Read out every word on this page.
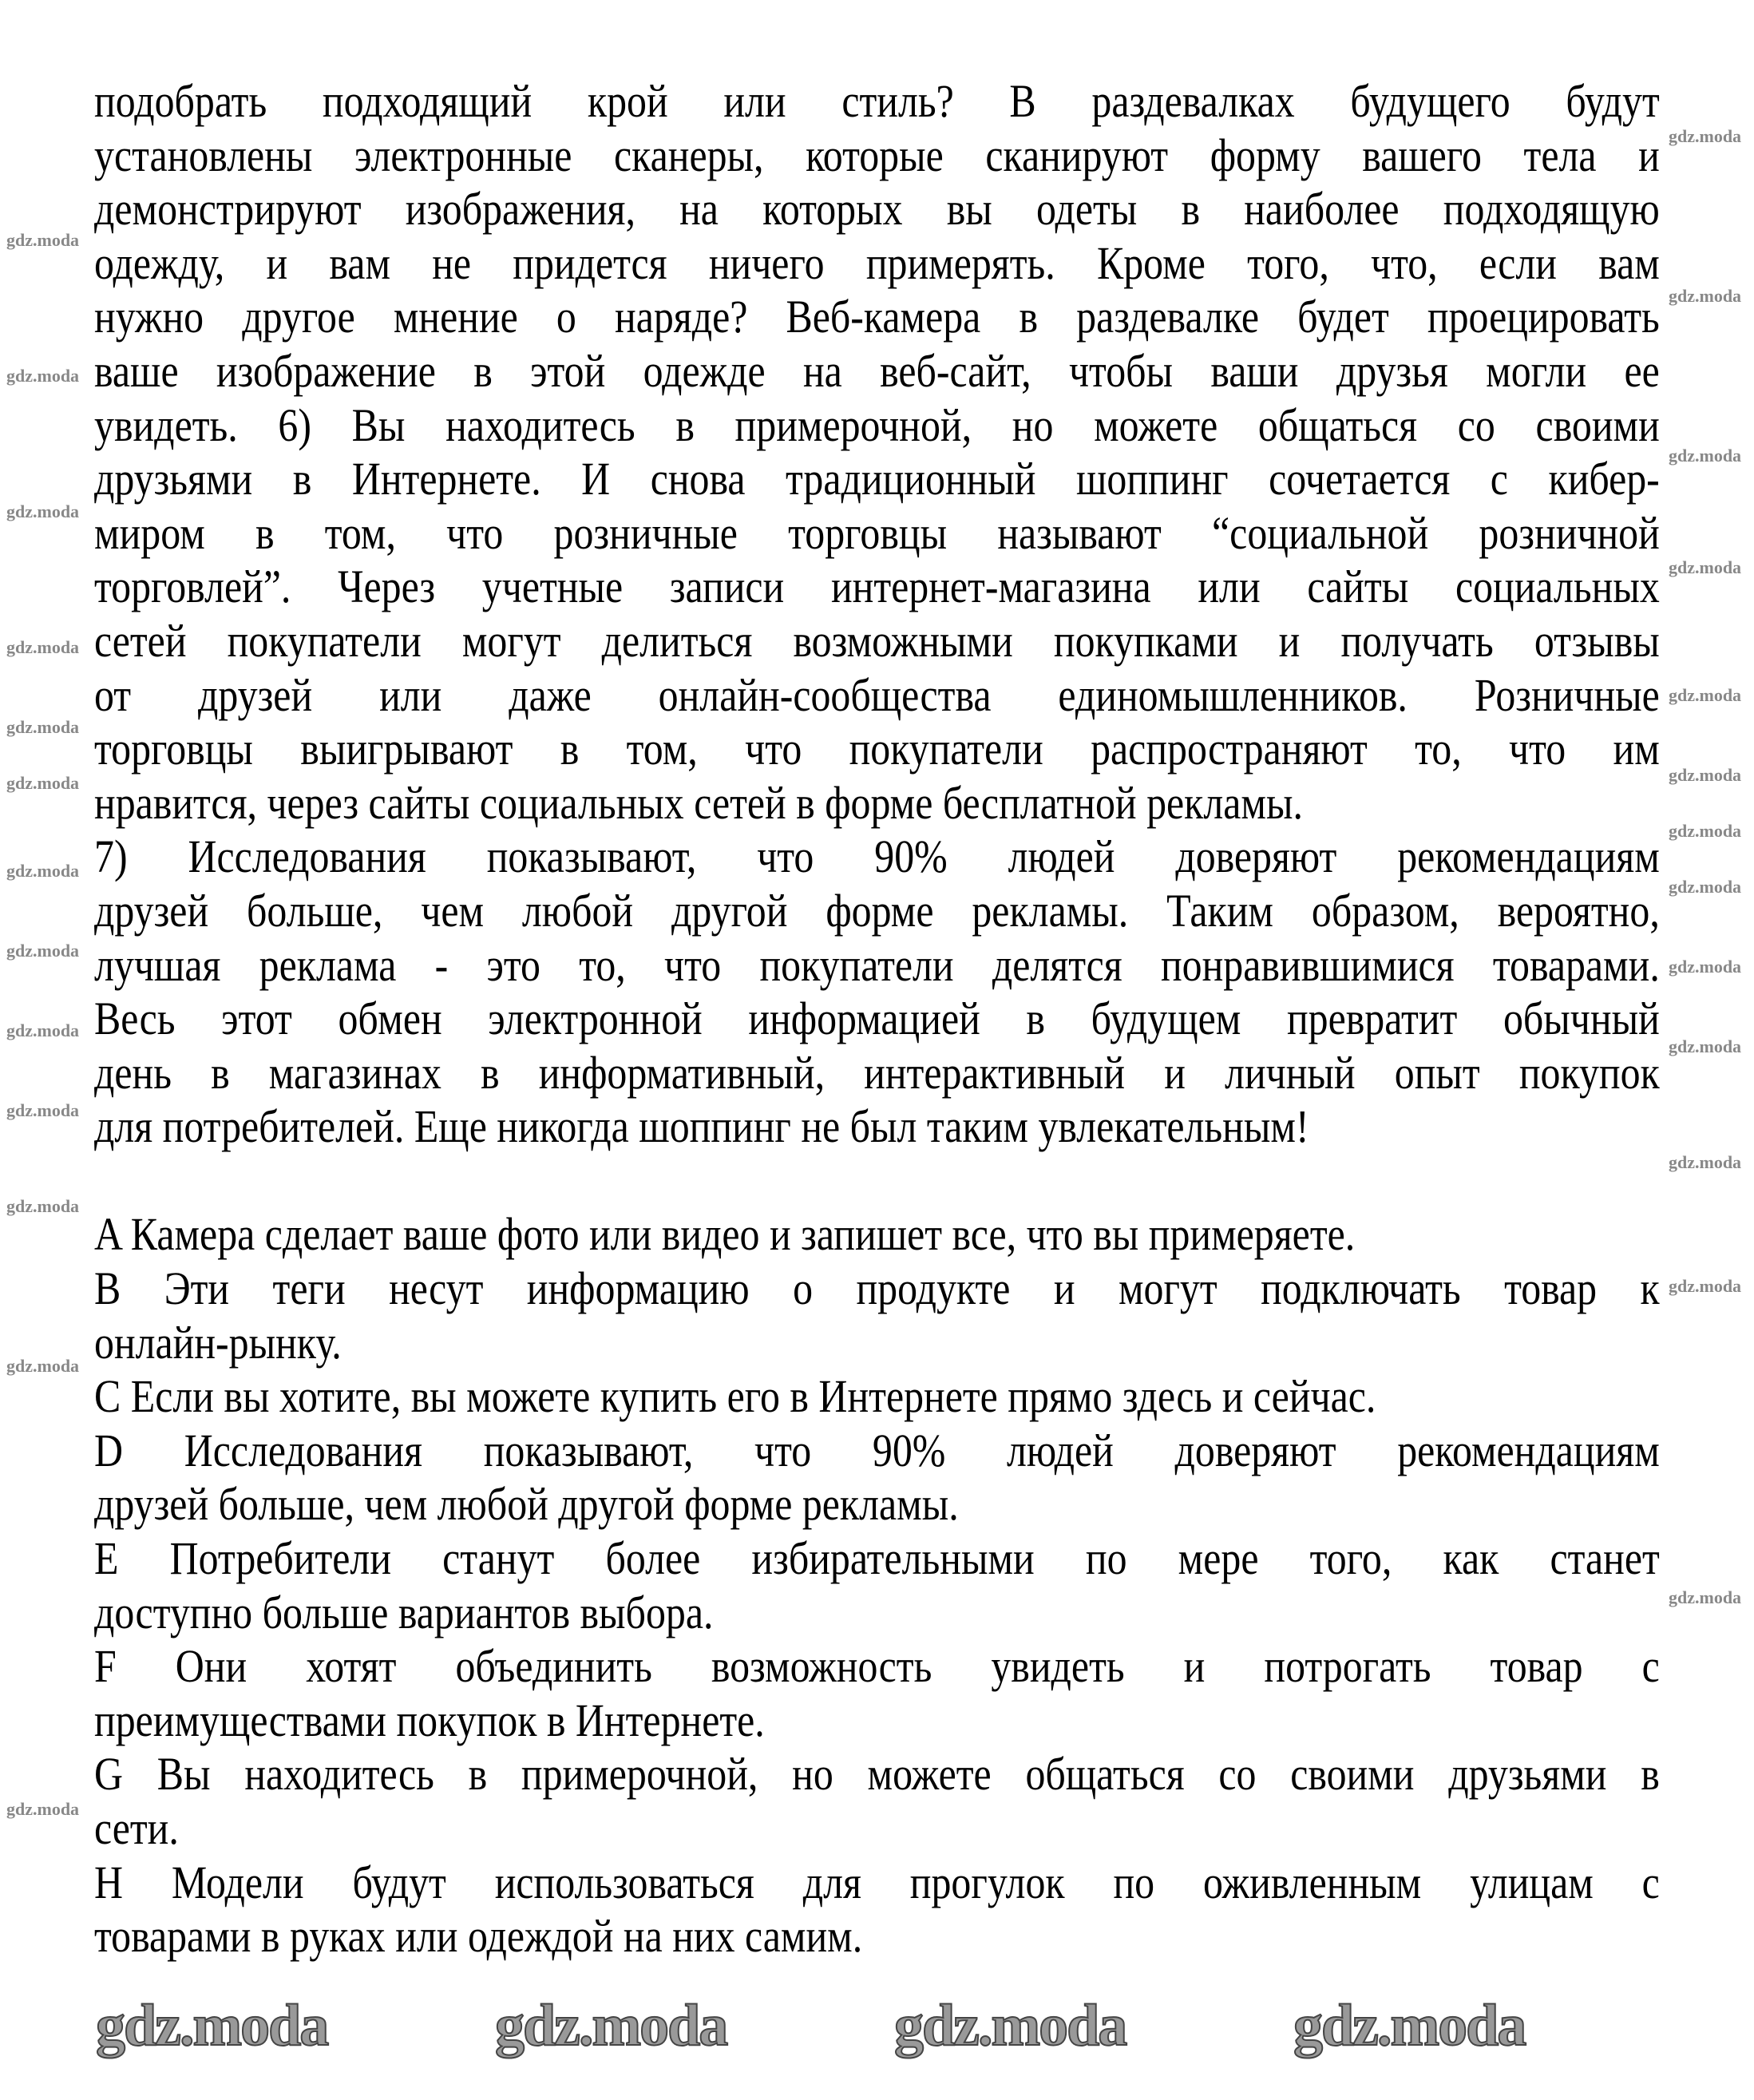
подобрать подходящий крой или стиль? В раздевалках будущего будут
установлены электронные сканеры, которые сканируют форму вашего тела и
демонстрируют изображения, на которых вы одеты в наиболее подходящую
одежду, и вам не придется ничего примерять. Кроме того, что, если вам
нужно другое мнение о наряде? Веб-камера в раздевалке будет проецировать
ваше изображение в этой одежде на веб-сайт, чтобы ваши друзья могли ее
увидеть. 6) Вы находитесь в примерочной, но можете общаться со своими
друзьями в Интернете. И снова традиционный шоппинг сочетается с кибер-
миром в том, что розничные торговцы называют “социальной розничной
торговлей”. Через учетные записи интернет-магазина или сайты социальных
сетей покупатели могут делиться возможными покупками и получать отзывы
от друзей или даже онлайн-сообщества единомышленников. Розничные
торговцы выигрывают в том, что покупатели распространяют то, что им
нравится, через сайты социальных сетей в форме бесплатной рекламы.
7) Исследования показывают, что 90% людей доверяют рекомендациям
друзей больше, чем любой другой форме рекламы. Таким образом, вероятно,
лучшая реклама - это то, что покупатели делятся понравившимися товарами.
Весь этот обмен электронной информацией в будущем превратит обычный
день в магазинах в информативный, интерактивный и личный опыт покупок
для потребителей. Еще никогда шоппинг не был таким увлекательным!
A Камера сделает ваше фото или видео и запишет все, что вы примеряете.
B Эти теги несут информацию о продукте и могут подключать товар к
онлайн-рынку.
C Если вы хотите, вы можете купить его в Интернете прямо здесь и сейчас.
D Исследования показывают, что 90% людей доверяют рекомендациям
друзей больше, чем любой другой форме рекламы.
E Потребители станут более избирательными по мере того, как станет
доступно больше вариантов выбора.
F Они хотят объединить возможность увидеть и потрогать товар с
преимуществами покупок в Интернете.
G Вы находитесь в примерочной, но можете общаться со своими друзьями в
сети.
H Модели будут использоваться для прогулок по оживленным улицам с
товарами в руках или одеждой на них самим.
gdz.moda
gdz.moda
gdz.moda
gdz.moda
gdz.moda
gdz.moda
gdz.moda
gdz.moda
gdz.moda
gdz.moda
gdz.moda
gdz.moda
gdz.moda
gdz.moda
gdz.moda
gdz.moda
gdz.moda
gdz.moda
gdz.moda
gdz.moda
gdz.moda
gdz.moda
gdz.moda
gdz.moda
gdz.moda
gdz.moda
gdz.moda	gdz.moda	gdz.moda	gdz.moda
